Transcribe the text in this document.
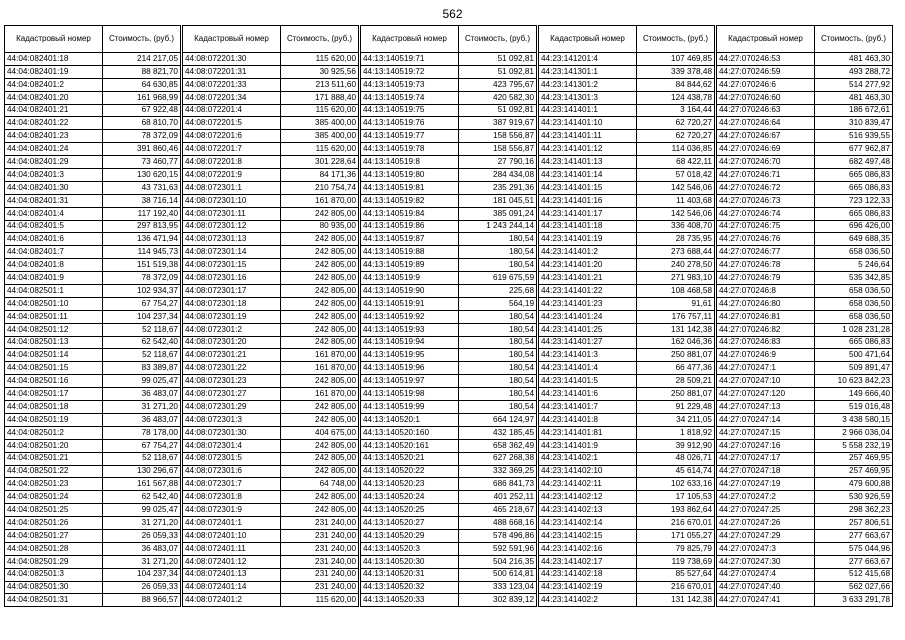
562
Кадастровый номер	Стоимость, (руб.)
44:04:082401:18	214 217,05
44:04:082401:19	88 821,70
44:04:082401:2	64 630,85
44:04:082401:20	161 968,99
44:04:082401:21	67 922,48
44:04:082401:22	68 810,70
44:04:082401:23	78 372,09
44:04:082401:24	391 860,46
44:04:082401:29	73 460,77
44:04:082401:3	130 620,15
44:04:082401:30	43 731,63
44:04:082401:31	38 716,14
44:04:082401:4	117 192,40
44:04:082401:5	297 813,95
44:04:082401:6	136 471,94
44:04:082401:7	114 945,73
44:04:082401:8	151 519,38
44:04:082401:9	78 372,09
44:04:082501:1	102 934,37
44:04:082501:10	67 754,27
44:04:082501:11	104 237,34
44:04:082501:12	52 118,67
44:04:082501:13	62 542,40
44:04:082501:14	52 118,67
44:04:082501:15	83 389,87
44:04:082501:16	99 025,47
44:04:082501:17	36 483,07
44:04:082501:18	31 271,20
44:04:082501:19	36 483,07
44:04:082501:2	78 178,00
44:04:082501:20	67 754,27
44:04:082501:21	52 118,67
44:04:082501:22	130 296,67
44:04:082501:23	161 567,88
44:04:082501:24	62 542,40
44:04:082501:25	99 025,47
44:04:082501:26	31 271,20
44:04:082501:27	26 059,33
44:04:082501:28	36 483,07
44:04:082501:29	31 271,20
44:04:082501:3	104 237,34
44:04:082501:30	26 059,33
44:04:082501:31	88 966,57
Кадастровый номер	Стоимость, (руб.)
44:08:072201:30	115 620,00
44:08:072201:31	30 925,56
44:08:072201:33	213 511,60
44:08:072201:34	171 888,40
44:08:072201:4	115 620,00
44:08:072201:5	385 400,00
44:08:072201:6	385 400,00
44:08:072201:7	115 620,00
44:08:072201:8	301 228,64
44:08:072201:9	84 171,36
44:08:072301:1	210 754,74
44:08:072301:10	161 870,00
44:08:072301:11	242 805,00
44:08:072301:12	80 935,00
44:08:072301:13	242 805,00
44:08:072301:14	242 805,00
44:08:072301:15	242 805,00
44:08:072301:16	242 805,00
44:08:072301:17	242 805,00
44:08:072301:18	242 805,00
44:08:072301:19	242 805,00
44:08:072301:2	242 805,00
44:08:072301:20	242 805,00
44:08:072301:21	161 870,00
44:08:072301:22	161 870,00
44:08:072301:23	242 805,00
44:08:072301:27	161 870,00
44:08:072301:29	242 805,00
44:08:072301:3	242 805,00
44:08:072301:30	404 675,00
44:08:072301:4	242 805,00
44:08:072301:5	242 805,00
44:08:072301:6	242 805,00
44:08:072301:7	64 748,00
44:08:072301:8	242 805,00
44:08:072301:9	242 805,00
44:08:072401:1	231 240,00
44:08:072401:10	231 240,00
44:08:072401:11	231 240,00
44:08:072401:12	231 240,00
44:08:072401:13	231 240,00
44:08:072401:14	231 240,00
44:08:072401:2	115 620,00
Кадастровый номер	Стоимость, (руб.)
44:13:140519:71	51 092,81
44:13:140519:72	51 092,81
44:13:140519:73	423 795,67
44:13:140519:74	420 582,30
44:13:140519:75	51 092,81
44:13:140519:76	387 919,67
44:13:140519:77	158 556,87
44:13:140519:78	158 556,87
44:13:140519:8	27 790,16
44:13:140519:80	284 434,08
44:13:140519:81	235 291,36
44:13:140519:82	181 045,51
44:13:140519:84	385 091,24
44:13:140519:86	1 243 244,14
44:13:140519:87	180,54
44:13:140519:88	180,54
44:13:140519:89	180,54
44:13:140519:9	619 675,59
44:13:140519:90	225,68
44:13:140519:91	564,19
44:13:140519:92	180,54
44:13:140519:93	180,54
44:13:140519:94	180,54
44:13:140519:95	180,54
44:13:140519:96	180,54
44:13:140519:97	180,54
44:13:140519:98	180,54
44:13:140519:99	180,54
44:13:140520:1	664 124,97
44:13:140520:160	432 185,45
44:13:140520:161	658 362,49
44:13:140520:21	627 268,38
44:13:140520:22	332 369,25
44:13:140520:23	686 841,73
44:13:140520:24	401 252,11
44:13:140520:25	465 218,67
44:13:140520:27	488 668,16
44:13:140520:29	578 496,86
44:13:140520:3	592 591,96
44:13:140520:30	504 216,35
44:13:140520:31	500 614,81
44:13:140520:32	333 123,04
44:13:140520:33	302 839,12
Кадастровый номер	Стоимость, (руб.)
44:23:141201:4	107 469,85
44:23:141301:1	339 378,48
44:23:141301:2	84 844,62
44:23:141301:3	124 438,78
44:23:141401:1	3 164,44
44:23:141401:10	62 720,27
44:23:141401:11	62 720,27
44:23:141401:12	114 036,85
44:23:141401:13	68 422,11
44:23:141401:14	57 018,42
44:23:141401:15	142 546,06
44:23:141401:16	11 403,68
44:23:141401:17	142 546,06
44:23:141401:18	336 408,70
44:23:141401:19	28 735,95
44:23:141401:2	273 688,44
44:23:141401:20	240 278,50
44:23:141401:21	271 983,10
44:23:141401:22	108 468,58
44:23:141401:23	91,61
44:23:141401:24	176 757,11
44:23:141401:25	131 142,38
44:23:141401:27	162 046,36
44:23:141401:3	250 881,07
44:23:141401:4	66 477,36
44:23:141401:5	28 509,21
44:23:141401:6	250 881,07
44:23:141401:7	91 229,48
44:23:141401:8	34 211,05
44:23:141401:81	1 818,92
44:23:141401:9	39 912,90
44:23:141402:1	48 026,71
44:23:141402:10	45 614,74
44:23:141402:11	102 633,16
44:23:141402:12	17 105,53
44:23:141402:13	193 862,64
44:23:141402:14	216 670,01
44:23:141402:15	171 055,27
44:23:141402:16	79 825,79
44:23:141402:17	119 738,69
44:23:141402:18	85 527,64
44:23:141402:19	216 670,01
44:23:141402:2	131 142,38
Кадастровый номер	Стоимость, (руб.)
44:27:070246:53	481 463,30
44:27:070246:59	493 288,72
44:27:070246:6	514 277,92
44:27:070246:60	481 463,30
44:27:070246:63	186 672,61
44:27:070246:64	310 839,47
44:27:070246:67	516 939,55
44:27:070246:69	677 962,87
44:27:070246:70	682 497,48
44:27:070246:71	665 086,83
44:27:070246:72	665 086,83
44:27:070246:73	723 122,33
44:27:070246:74	665 086,83
44:27:070246:75	696 426,00
44:27:070246:76	649 688,35
44:27:070246:77	658 036,50
44:27:070246:78	5 246,64
44:27:070246:79	535 342,85
44:27:070246:8	658 036,50
44:27:070246:80	658 036,50
44:27:070246:81	658 036,50
44:27:070246:82	1 028 231,28
44:27:070246:83	665 086,83
44:27:070246:9	500 471,64
44:27:070247:1	509 891,47
44:27:070247:10	10 623 842,23
44:27:070247:120	149 666,40
44:27:070247:13	519 016,48
44:27:070247:14	3 438 580,15
44:27:070247:15	2 966 036,04
44:27:070247:16	5 558 232,19
44:27:070247:17	257 469,95
44:27:070247:18	257 469,95
44:27:070247:19	479 600,88
44:27:070247:2	530 926,59
44:27:070247:25	298 362,23
44:27:070247:26	257 806,51
44:27:070247:29	277 663,67
44:27:070247:3	575 044,96
44:27:070247:30	277 663,67
44:27:070247:4	512 415,68
44:27:070247:40	562 027,66
44:27:070247:41	3 633 291,78
